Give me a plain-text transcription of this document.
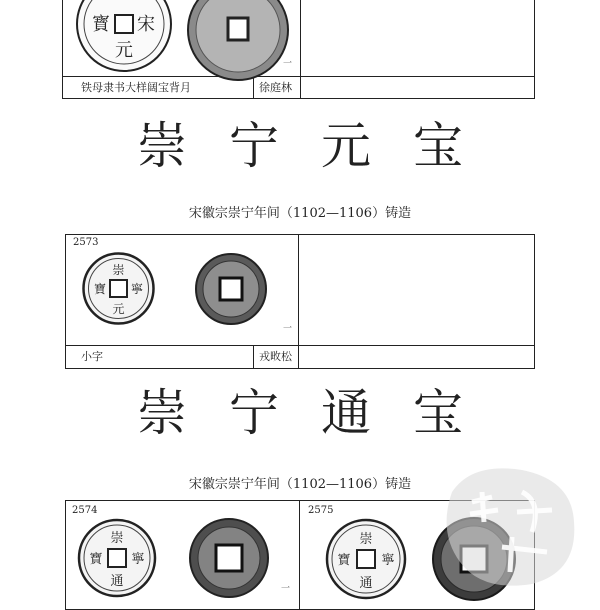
宋
寳
元
一
铁母隶书大样阔宝背月	徐庭林
崇宁元宝
宋徽宗崇宁年间（1102—1106）铸造
2573
崇
寧
寶
元
一
小字	戎畋松
崇宁通宝
宋徽宗崇宁年间（1102—1106）铸造
2574
崇
寧
寶
通	一
2575
崇
寧
寶
通
